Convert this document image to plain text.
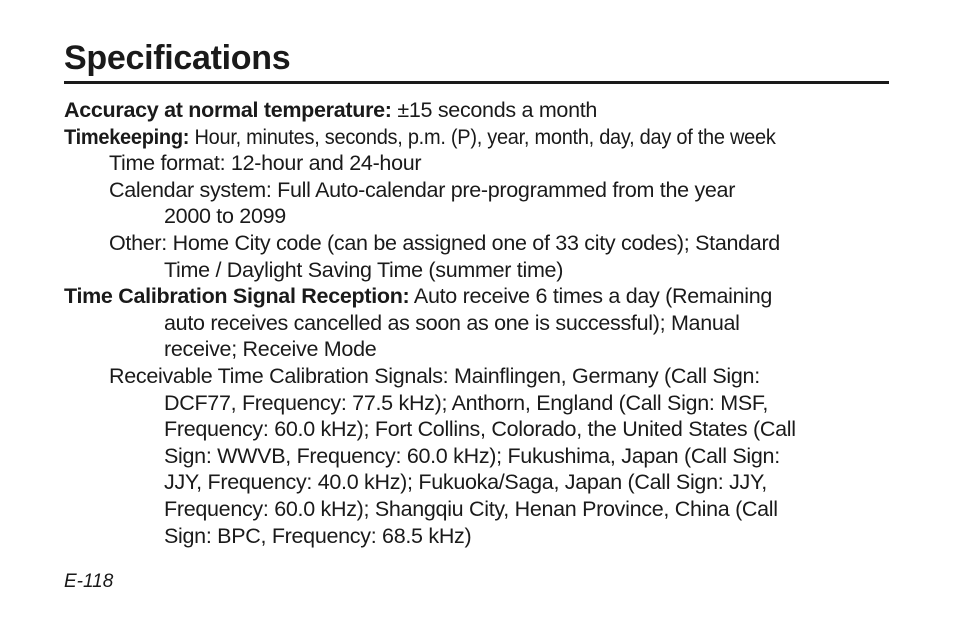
Specifications
Accuracy at normal temperature: ±15 seconds a month
Timekeeping: Hour, minutes, seconds, p.m. (P), year, month, day, day of the week
Time format: 12-hour and 24-hour
Calendar system: Full Auto-calendar pre-programmed from the year
2000 to 2099
Other: Home City code (can be assigned one of 33 city codes); Standard
Time / Daylight Saving Time (summer time)
Time Calibration Signal Reception: Auto receive 6 times a day (Remaining
auto receives cancelled as soon as one is successful); Manual
receive; Receive Mode
Receivable Time Calibration Signals: Mainflingen, Germany (Call Sign:
DCF77, Frequency: 77.5 kHz); Anthorn, England (Call Sign: MSF,
Frequency: 60.0 kHz); Fort Collins, Colorado, the United States (Call
Sign: WWVB, Frequency: 60.0 kHz); Fukushima, Japan (Call Sign:
JJY, Frequency: 40.0 kHz); Fukuoka/Saga, Japan (Call Sign: JJY,
Frequency: 60.0 kHz); Shangqiu City, Henan Province, China (Call
Sign: BPC, Frequency: 68.5 kHz)
E-118
